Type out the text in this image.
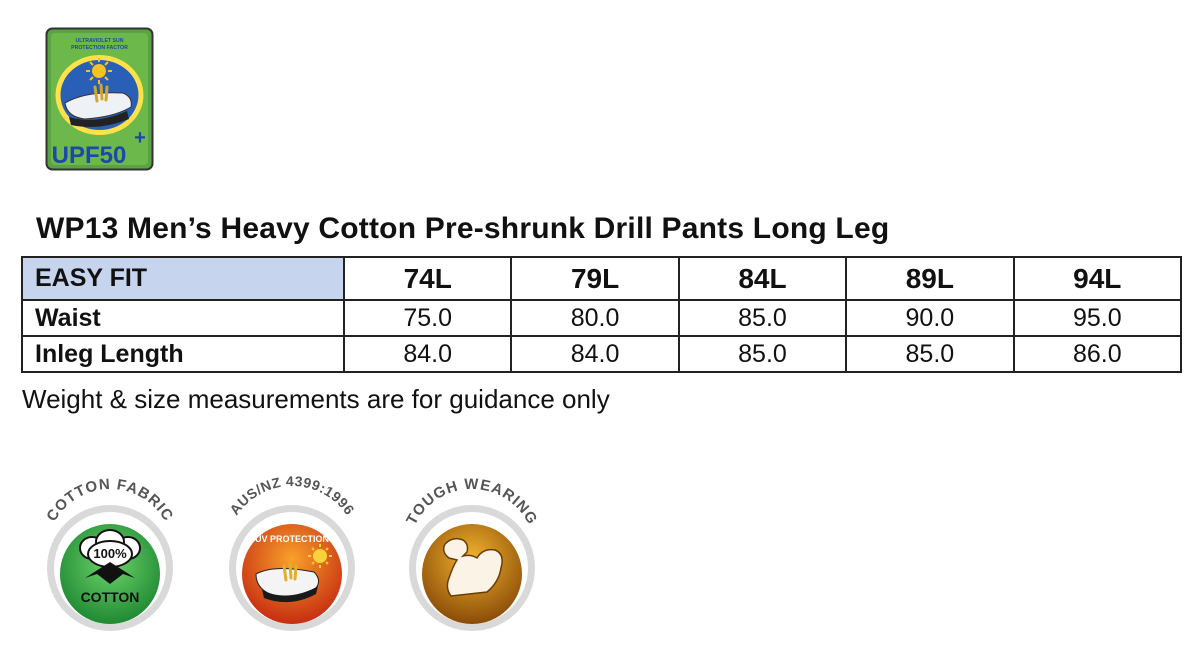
ULTRAVIOLET SUN
PROTECTION FACTOR
UPF50
+
WP13 Men’s Heavy Cotton Pre-shrunk Drill Pants Long Leg
EASY FIT	74L	79L	84L	89L	94L
Waist	75.0	80.0	85.0	90.0	95.0
Inleg Length	84.0	84.0	85.0	85.0	86.0
Weight & size measurements are for guidance only
COTTON FABRIC
100%
COTTON
AUS/NZ 4399:1996
UV PROTECTION
TOUGH WEARING
